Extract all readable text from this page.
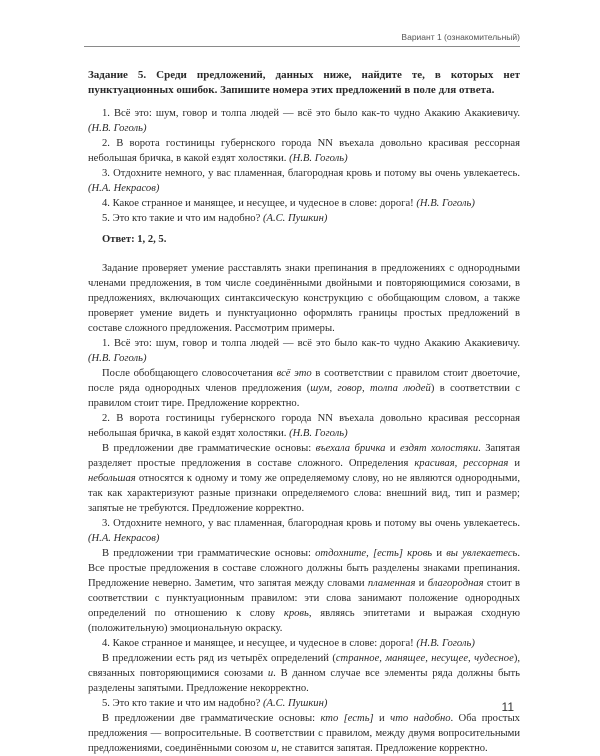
Вариант 1 (ознакомительный)

Задание 5. Среди предложений, данных ниже, найдите те, в которых нет пунктуационных ошибок. Запишите номера этих предложений в поле для ответа.

1. Всё это: шум, говор и толпа людей — всё это было как-то чудно Акакию Акакиевичу. (Н.В. Гоголь)

2. В ворота гостиницы губернского города NN въехала довольно красивая рессорная небольшая бричка, в какой ездят холостяки. (Н.В. Гоголь)

3. Отдохните немного, у вас пламенная, благородная кровь и потому вы очень увлекаетесь. (Н.А. Некрасов)

4. Какое странное и манящее, и несущее, и чудесное в слове: дорога! (Н.В. Гоголь)

5. Это кто такие и что им надобно? (А.С. Пушкин)

Ответ: 1, 2, 5.

Задание проверяет умение расставлять знаки препинания в предложениях с однородными членами предложения, в том числе соединёнными двойными и повторяющимися союзами, в предложениях, включающих синтаксическую конструкцию с обобщающим словом, а также проверяет умение видеть и пунктуационно оформлять границы простых предложений в составе сложного предложения. Рассмотрим примеры.

1. Всё это: шум, говор и толпа людей — всё это было как-то чудно Акакию Акакиевичу. (Н.В. Гоголь)

После обобщающего словосочетания всё это в соответствии с правилом стоит двоеточие, после ряда однородных членов предложения (шум, говор, толпа людей) в соответствии с правилом стоит тире. Предложение корректно.

2. В ворота гостиницы губернского города NN въехала довольно красивая рессорная небольшая бричка, в какой ездят холостяки. (Н.В. Гоголь)

В предложении две грамматические основы: въехала бричка и ездят холостяки. Запятая разделяет простые предложения в составе сложного. Определения красивая, рессорная и небольшая относятся к одному и тому же определяемому слову, но не являются однородными, так как характеризуют разные признаки определяемого слова: внешний вид, тип и размер; запятые не требуются. Предложение корректно.

3. Отдохните немного, у вас пламенная, благородная кровь и потому вы очень увлекаетесь. (Н.А. Некрасов)

В предложении три грамматические основы: отдохните, [есть] кровь и вы увлекаетесь. Все простые предложения в составе сложного должны быть разделены знаками препинания. Предложение неверно. Заметим, что запятая между словами пламенная и благородная стоит в соответствии с пунктуационным правилом: эти слова занимают положение однородных определений по отношению к слову кровь, являясь эпитетами и выражая сходную (положительную) эмоциональную окраску.

4. Какое странное и манящее, и несущее, и чудесное в слове: дорога! (Н.В. Гоголь)

В предложении есть ряд из четырёх определений (странное, манящее, несущее, чудесное), связанных повторяющимися союзами и. В данном случае все элементы ряда должны быть разделены запятыми. Предложение некорректно.

5. Это кто такие и что им надобно? (А.С. Пушкин)

В предложении две грамматические основы: кто [есть] и что надобно. Оба простых предложения — вопросительные. В соответствии с правилом, между двумя вопросительными предложениями, соединёнными союзом и, не ставится запятая. Предложение корректно.

11
